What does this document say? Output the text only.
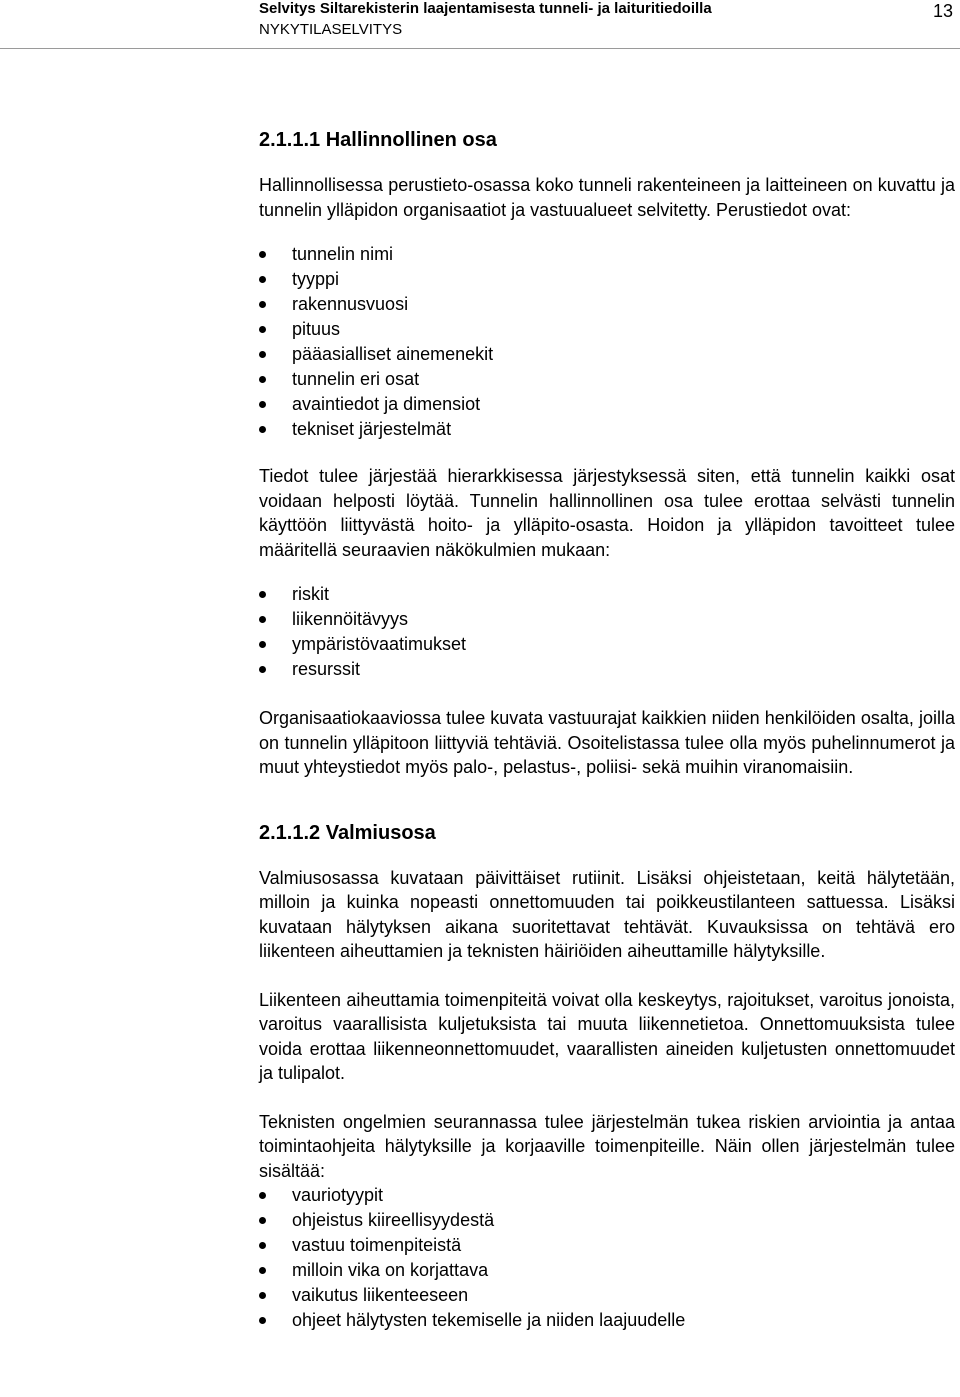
Selvitys Siltarekisterin laajentamisesta tunneli- ja laituritiedoilla
NYKYTILASELVITYS
13
2.1.1.1 Hallinnollinen osa

Hallinnollisessa perustieto-osassa koko tunneli rakenteineen ja laitteineen on kuvattu ja tunnelin ylläpidon organisaatiot ja vastuualueet selvitetty. Perustiedot ovat:

tunnelin nimi
tyyppi
rakennusvuosi
pituus
pääasialliset ainemenekit
tunnelin eri osat
avaintiedot ja dimensiot
tekniset järjestelmät

Tiedot tulee järjestää hierarkkisessa järjestyksessä siten, että tunnelin kaikki osat voidaan helposti löytää. Tunnelin hallinnollinen osa tulee erottaa selvästi tunnelin käyttöön liittyvästä hoito- ja ylläpito-osasta. Hoidon ja ylläpidon tavoitteet tulee määritellä seuraavien näkökulmien mukaan:

riskit
liikennöitävyys
ympäristövaatimukset
resurssit

Organisaatiokaaviossa tulee kuvata vastuurajat kaikkien niiden henkilöiden osalta, joilla on tunnelin ylläpitoon liittyviä tehtäviä. Osoitelistassa tulee olla myös puhelinnumerot ja muut yhteystiedot myös palo-, pelastus-, poliisi- sekä muihin viranomaisiin.

2.1.1.2 Valmiusosa

Valmiusosassa kuvataan päivittäiset rutiinit. Lisäksi ohjeistetaan, keitä hälytetään, milloin ja kuinka nopeasti onnettomuuden tai poikkeustilanteen sattuessa. Lisäksi kuvataan hälytyksen aikana suoritettavat tehtävät. Kuvauksissa on tehtävä ero liikenteen aiheuttamien ja teknisten häiriöiden aiheuttamille hälytyksille.

Liikenteen aiheuttamia toimenpiteitä voivat olla keskeytys, rajoitukset, varoitus jonoista, varoitus vaarallisista kuljetuksista tai muuta liikennetietoa. Onnettomuuksista tulee voida erottaa liikenneonnettomuudet, vaarallisten aineiden kuljetusten onnettomuudet ja tulipalot.

Teknisten ongelmien seurannassa tulee järjestelmän tukea riskien arviointia ja antaa toimintaohjeita hälytyksille ja korjaaville toimenpiteille. Näin ollen järjestelmän tulee sisältää:

vauriotyypit
ohjeistus kiireellisyydestä
vastuu toimenpiteistä
milloin vika on korjattava
vaikutus liikenteeseen
ohjeet hälytysten tekemiselle ja niiden laajuudelle
